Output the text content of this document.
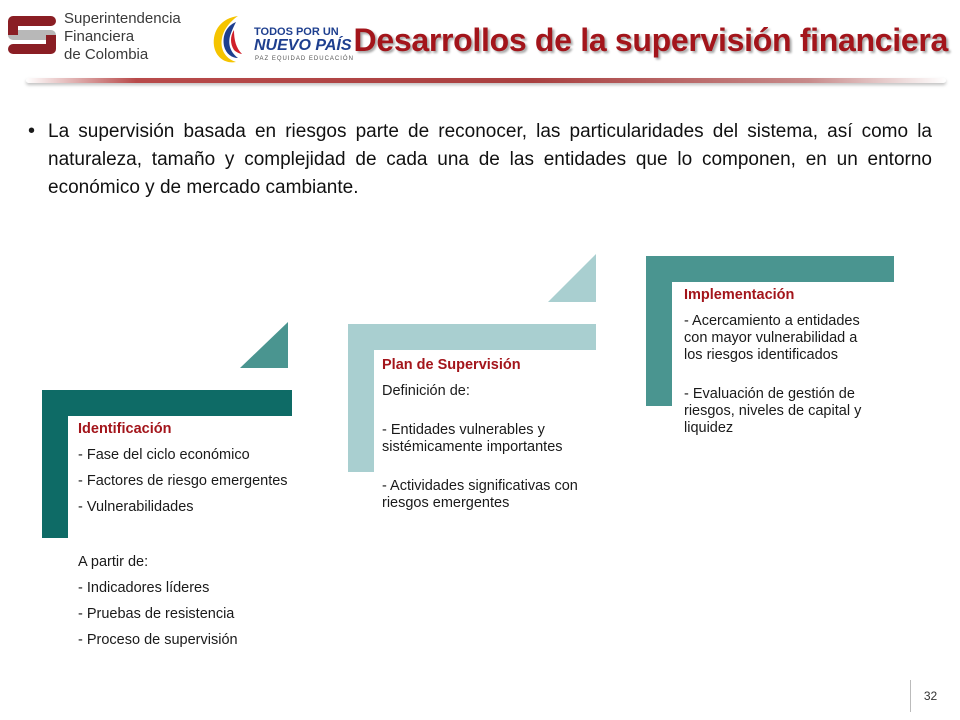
Superintendencia
Financiera
de Colombia
TODOS POR UN
NUEVO PAÍS
PAZ EQUIDAD EDUCACIÓN
Desarrollos de la supervisión financiera
• La supervisión basada en riesgos parte de reconocer, las particularidades del sistema, así como la naturaleza, tamaño y complejidad de cada una de las entidades que lo componen, en un entorno económico y de mercado cambiante.

Identificación
- Fase del ciclo económico
- Factores de riesgo emergentes
- Vulnerabilidades
A partir de:
- Indicadores líderes
- Pruebas de resistencia
- Proceso de supervisión
Plan de Supervisión
Definición de:
- Entidades vulnerables y
sistémicamente importantes
- Actividades significativas con
riesgos emergentes
Implementación
- Acercamiento a entidades
con mayor vulnerabilidad a
los riesgos identificados
- Evaluación de gestión de
riesgos, niveles de capital y
liquidez
32
